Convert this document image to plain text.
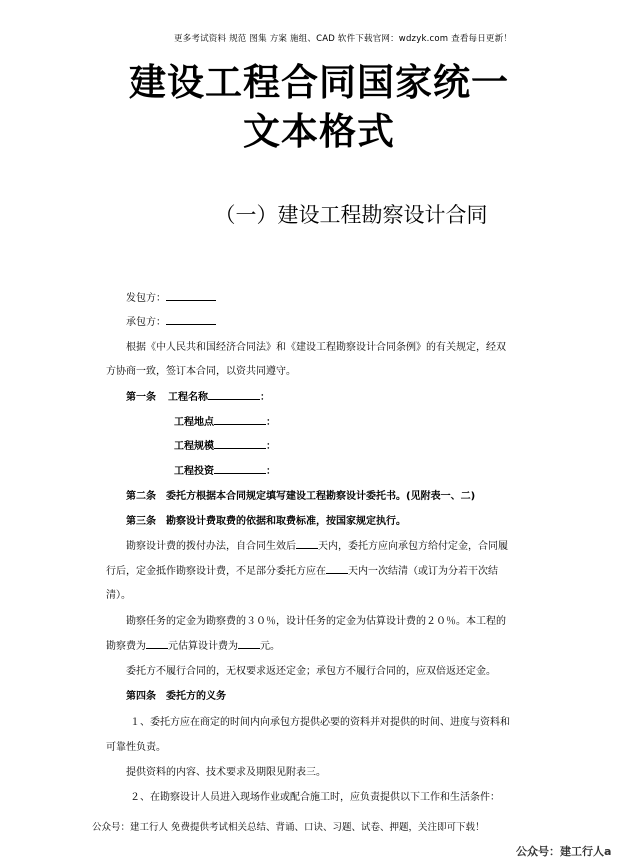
更多考试资料 规范 图集 方案 施组、CAD 软件下载官网：wdzyk.com 查看每日更新！
建设工程合同国家统一
文本格式
（一）建设工程勘察设计合同
发包方：
承包方：
根据《中人民共和国经济合同法》和《建设工程勘察设计合同条例》的有关规定，经双
方协商一致，签订本合同，以资共同遵守。
第一条 工程名称	：
工程地点	：
工程规模	：
工程投资	：
第二条　委托方根据本合同规定填写建设工程勘察设计委托书。(见附表一、二)
第三条　勘察设计费取费的依据和取费标准，按国家规定执行。
勘察设计费的拨付办法，自合同生效后 天内，委托方应向承包方给付定金，合同履
行后，定金抵作勘察设计费，不足部分委托方应在 天内一次结清（或订为分若干次结
清）。
勘察任务的定金为勘察费的３０％，设计任务的定金为估算设计费的２０％。本工程的
勘察费为 元估算设计费为 元。
委托方不履行合同的，无权要求返还定金；承包方不履行合同的，应双倍返还定金。
第四条　委托方的义务
１、委托方应在商定的时间内向承包方提供必要的资料并对提供的时间、进度与资料和
可靠性负责。
提供资料的内容、技术要求及期限见附表三。
２、在勘察设计人员进入现场作业或配合施工时，应负责提供以下工作和生活条件：
公众号：建工行人 免费提供考试相关总结、背诵、口诀、习题、试卷、押题，关注即可下载！
公众号：建工行人a
